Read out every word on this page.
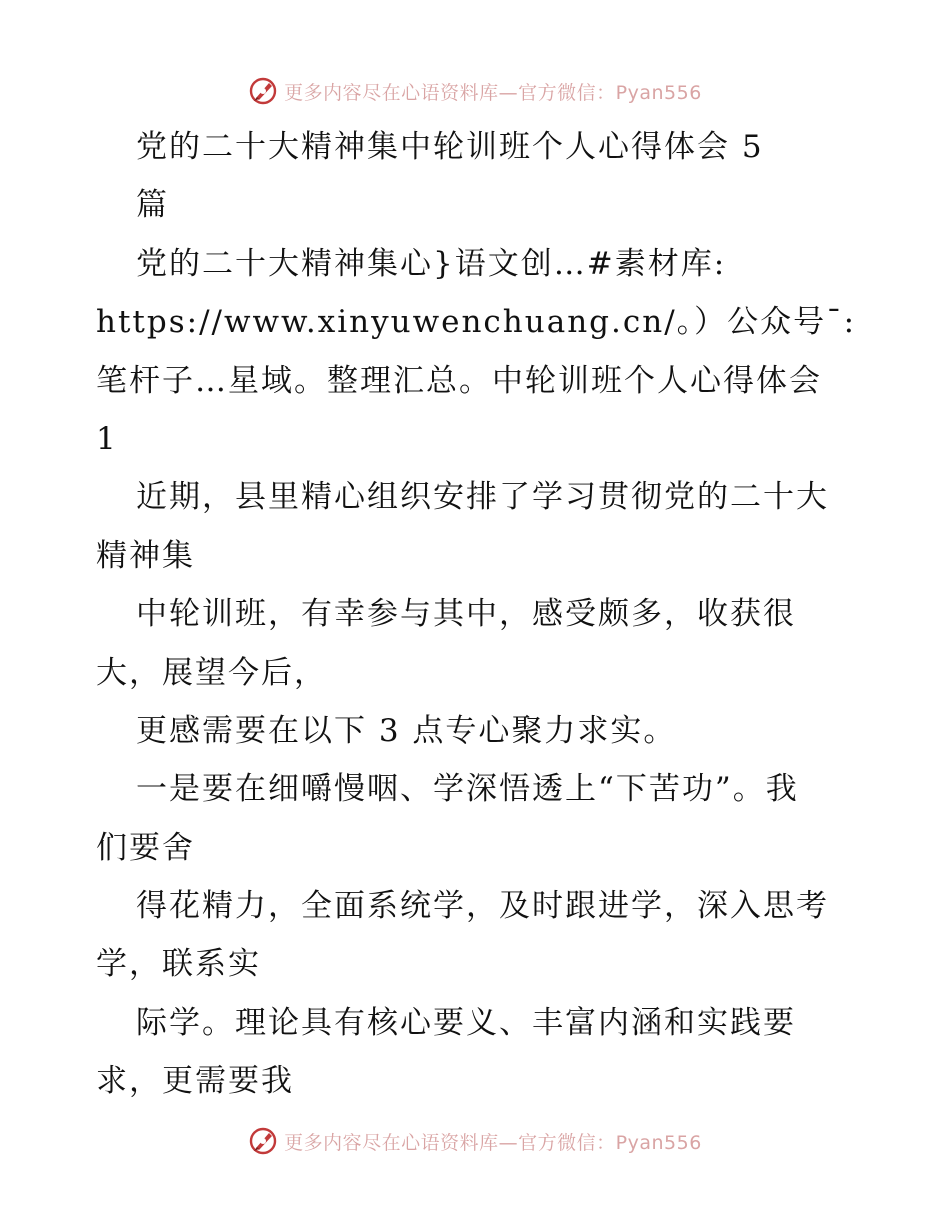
更多内容尽在心语资料库—官方微信：Pyan556
党的二十大精神集中轮训班个人心得体会 5
篇
党的二十大精神集心}语文创…#素材库:
https://www.xinyuwenchuang.cn/。）公众号¯:
笔杆子…星域。整理汇总。中轮训班个人心得体会
1
近期，县里精心组织安排了学习贯彻党的二十大
精神集
中轮训班，有幸参与其中，感受颇多，收获很
大，展望今后，
更感需要在以下 3 点专心聚力求实。
一是要在细嚼慢咽、学深悟透上“下苦功”。我
们要舍
得花精力，全面系统学，及时跟进学，深入思考
学，联系实
际学。理论具有核心要义、丰富内涵和实践要
求，更需要我
更多内容尽在心语资料库—官方微信：Pyan556
